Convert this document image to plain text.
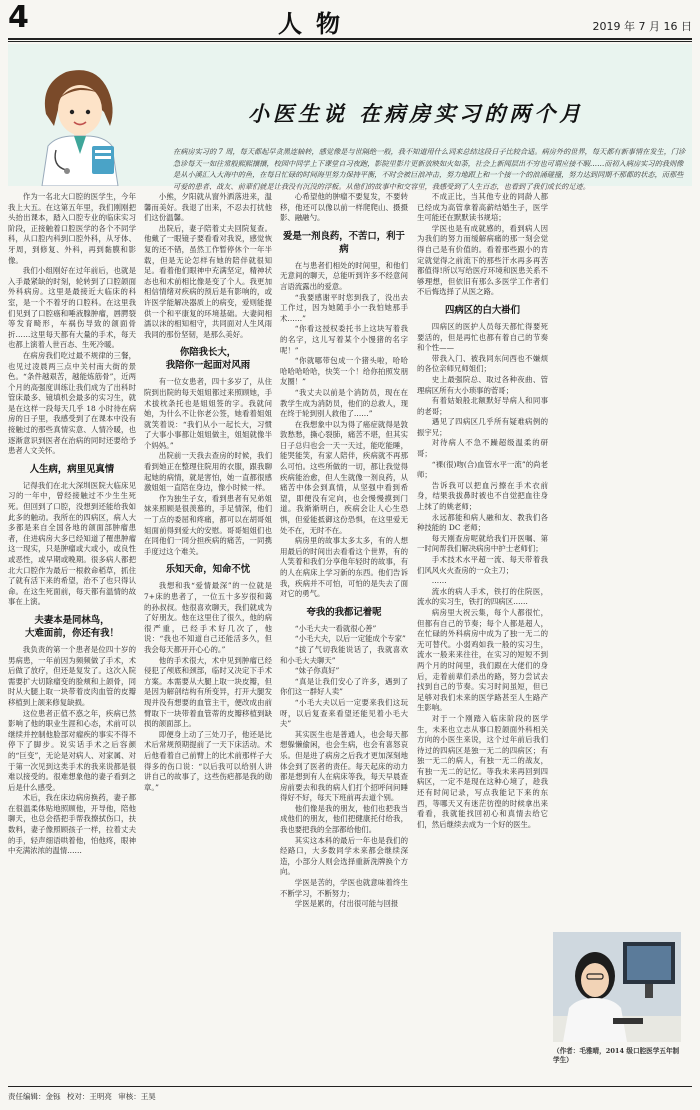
4	人物	2019 年 7 月 16 日
小医生说 在病房实习的两个月

在病房实习的 7 周，每天都起早贪黑连轴转，感觉像是与世隔绝一般，我不知道用什么词来总结这段日子比较合适。病房外的世界，每天都有新事情在发生，门诊急诊每天一如往常般熙熙攘攘，校园中同学上下课堂自习夜跑，影院里影片更新放映如火如荼，社会上新闻层出不穷也可谓应接不暇……而初入病房实习的我则像是从小溪汇入大海中的鱼，在每日忙碌的时间海里努力保持平衡，不时会被巨浪冲击，努力地跟上和一个接一个的浪涌碰撞，努力达到同期不那都的状态，而那些可爱的患者、战友、前辈们就是让我没有沉没的浮板。从他们的故事中和交容里，我感受到了人生百态，也看到了我们成长的足迹。

作为一名北大口腔的医学生，今年我上大五。在这第五年里，我们刚刚把头抬出课本，踏入口腔专业的临床实习阶段，正接触着口腔医学的各个不同学科，从口腔内科到口腔外科，从牙体、牙周，到修复、外科，再到黏膜和影像。

我们小组刚好在过年前后，也就是入手最紧缺的时刻，轮转到了口腔颌面外科病房。这里是最接近大临床的科室，是一个不着牙的口腔科。在这里我们见到了口腔癌和唾液腺肿瘤，唇腭裂等发育畸形，车祸伤导致的颌面骨折……这里每天都有大量的手术，每天也都上演着人世百态、生死冷暖。

在病房我们吃过最不规律的三餐，也见过凌晨两三点中关村南大街的景色。“条件越艰苦，越能炼筋骨”，近两个月的高强度训练让我们成为了出科时管床最多、镜填机会最多的实习生，就是在这样一段每天几乎 18 小时待在病房的日子里，我感受到了在课本中没有接触过的那些真情实意、人情冷暖，也逐渐意识到医者在治病的同时还要给予患者人文关怀。

人生病，病里见真情

记得我们在北大深圳医院大临床见习的一年中，曾经接触过不少生生死死。但回到了口腔，没想到还能给我如此多的触动。我所在的四病区，病人大多都是来自全国各地的颌面部肿瘤患者，住进病房大多已经知道了罹患肿瘤这一现实，只是肿瘤或大或小，或良性或恶性，或早期或晚期。很多病人都把北大口腔作为最后一根救命稻草，抓住了就有活下来的希望，治不了也只得认命。在这生死面前，每天都有温情的故事在上演。

夫妻本是同林鸟，
大难面前，你还有我！

我负责的第一个患者是位四十岁的男病患，一年前因为频频做了手术，术后做了放疗，但还是复发了。这次入院需要扩大切除瘤变的脸颊和上颌骨，同时从大腿上取一块带着皮肉血管的皮瓣移植到上颌来修复缺损。

这位患者正值不惑之年，疾病已然影响了他的职业生涯和心态，术前可以继续并控制他脸部对瘤疾的事实不得不停下了脚步。说实话手术之后容颜的“巨变”，无论是对病人、对家属、对于第一次见到这类手术的我来说都是很难以接受的。很难想象他的妻子看到之后是什么感受。

术后，我在床边病房换药，妻子都在很温柔体贴地照顾他，开导他，陪他聊天，也总会搭把手帮我擦拭伤口，扶数料，妻子像照顾孩子一样，拉着丈夫的手，轻声细语哄着他，怕他疼，眼神中充满浓浓的温情……

小熊，夕阳就从窗外洒落进来，温馨而美好。我退了出来，不忍去打扰他们这份温馨。

出院后，妻子陪着丈夫回院复查。他戴了一眼镜子要看看对我说，感觉恢复的还不错，虽然工作暂停休个一年半载，但是无论怎样有她的陪伴就很知足。看着他们眼神中充满坚定，精神状态也和术前相比像是变了个人。我更加相信情绪对疾病的预后是有影响的，或许医学能解决器质上的病变，爱则能提供一个和平康复的环境基础。大妻间相濡以沫的相知相守，共同面对人生风雨我同的那份坚韧，是那么美好。

你陪我长大，
我陪你一起面对风雨

有一位女患者，四十多岁了，从住院到出院的每天姐姐都过来照顾她，手术拔枕条托也是姐姐签的字。我就问她，为什么不让你老公签，她看着姐姐就笑着说：“我们从小一起长大，习惯了大事小事都让姐姐做主，姐姐就像半个妈妈。”

出院前一天我去查房的时候，我们看到她正在整理住院用的衣服，跟我聊起她的病情，就是害怕，她一直都很感激姐姐一直陪在身边，像小时候一样。

作为独生子女，看到患者有兄弟姐妹来照顾是很羡慕的，手足情深，他们一丁点的委屈和疼痛，都可以在胡哥姐姐面前得到爱大的安慰。哥哥姐姐们也在同他们一同分担疾病的痛苦，一同携手度过这个难关。

乐知天命，知命不忧

我想和我“爱情最深”的一位就是 7+床的患者了，一位五十多岁很和蔼的孙叔叔。他很喜欢聊天，我们就成为了好朋友。他在这里住了很久，他的病很严重，已经手术好几次了，他说：“我也不知道自己还能活多久，但我会每天都开开心心的。”

他的手术很大，术中见到肿瘤已经侵犯了颅底和颈部，临时又决定下手术方案。本需要从大腿上取一块皮瓣，但是因为解剖结构有所变异，打开大腿发现并没有想要的血管主干，便改成由前臂取下一块带着血管蒂的皮瓣移植到缺损的颌面部上。

即便身上动了三处刀子，他还是比术后常规预期提前了一天下床活动。术后他看着自己前臂上的比术前那样子大得多的伤口说：“以后我可以给别人讲讲自己的故事了，这些伤疤都是我的勋章。”

心希望他的肿瘤不要复发，不要转移，他还可以像以前一样爬爬山、摄摄影、融融勺。

爱是一剂良药，不苦口，利于病

在与患者们相处的时间里，和他们无意间的聊天，总能听到许多不经意间言语流露出的爱意。

“我要感谢平时您到我了，没出去工作过，因为她随手小一我怕她那手术……”

“你看这授权委托书上这块写着我的名字，这儿写着某个小馒猪的名字呢！”

“你就哪带包成一个猪头啦，哈哈哈哈哈哈哈，快笑一个！给你拍照发朋友圈！”

“我丈夫以前是个消防员，现在在教学生成为消防员，他们的总救人，现在终于轮到别人救他了……”

在我想象中以为得了癌症就得是敦敦愁愁，撕心裂肺，痛苦不堪，但其实日子总归也会一天一天过，能吃能睡，能哭能笑，有家人陪伴，疾病就不再那么可怕。这些所做的一切，都让我觉得疾病能治愈，但人生就像一剂良药，从痛苦中体会到真情，从坚强中看到希望，即便没有定向，也会慢慢摸到门道。我渐渐明白，疾病会让人心生恐惧，但爱能抵御这份恐惧，在这里爱无处不在，无时不在。

病房里的故事太多太多，有的人想用最后的时间出去看看这个世界，有的人笑着和我们分享他年轻时的故事，有的人在病床上学习新的东西。他们告诉我，疾病并不可怕，可怕的是失去了面对它的勇气。

夸我的我都记着呢

“小毛大夫一看就很心善”

“小毛大夫，以后一定能成个专家”

“拔了气切我能说话了，我就喜欢和小毛大夫聊天”

“妹子你真好”

“真是让我们安心了许多，遇到了你们这一群好人卖”

“小毛大夫以后一定要来我们这玩呀，以后复查来看望还能见着小毛大夫”

其实医生也是普通人，也会每天都想躲懒偷闲，也会生病，也会有喜怒哀乐。但是进了病房之后我才更加深刻地体会到了医者的责任。每天起床的动力都是想到有人在病床等我，每天早晨查房前要去和我的病人们打个招呼问问睡得好不好，每天下班前再去道个别。

他们像是我的朋友，他们也把我当成他们的朋友，他们把健康托付给我，我也要把我的全部都给他们。

其实这本科的最后一年也是我们的经路口，大多数同学未来都会继续深造，小部分人则会选择重新洗牌换个方向。

学医是苦的，学医也就意味着终生不断学习，不断努力；

学医是累的，付出很可能与回报

不成正比，当其他专业的同龄人都已经成为高管拿着高薪结婚生子，医学生可能还在默默读书规培；

学医也是有成就感的，看到病人因为我们的努力而缓解病痛的那一刻会觉得自己是有价值的。看着那些跟小的肯定就觉得之前流下的那些汗水再多再苦都值得!所以写给医疗环境和医患关系不够理想，但依旧有那么多医学工作者们不后悔选择了从医之路。

四病区的白大褂们

四病区的医护人员每天都忙得要死要活的，但是再忙也都有着自己的节奏和个性——

带我入门、被我同东问西也不嫌烦的各位亲师兄师姐们；

史上最强院总、取过各种夜曲、管理病区所有大小琐事的菅哥；

有着姑娘般北额默好导病人和同事的老哥；

遇见了四病区几乎所有疑难病例的振宇兄；

对待病人不急不躁超级温柔的研哥；

“裸(很)吻(合)血管水平一流”的尚老师；

告诉我可以把血污擦在手术衣前身，结果我拔鼻时被也不自觉把血往身上抹了的姚老师；

永远都能和病人融和友、教我们各种技能的 DC 老师；

每天刚查房呢就给我们开医嘱、第一时间帮我们解决病房中护士老师们；

手术技术水平超一流、每天带着我们风风火火查房的一众主刀；

……

流水的病人手术，铁打的住院医，流水的实习生，铁打的四病区……

病房里大祝云集，每个人都很忙，但都有自己的节奏；每个人都是超人，在忙碌的外科病房中成为了独一无二的无可替代。小弱鸡如我一般的实习生，流水一般来来往往，在实习的短短不到两个月的时间里，我们跟在大佬们的身后，走着前辈们杀出的路，努力尝试去找到自己的节奏。实习时间虽短，但已足够对我们未来的医学路甚至人生路产生影响。

对于一个刚踏入临床阶段的医学生，未来也立志从事口腔颌面外科相关方向的小医生来说，这个过年前后我们待过的四病区是独一无二的四病区；有独一无二的病人，有独一无二的战友，有独一无二的记忆。等我未来再回到四病区，一定不是现在这种心境了，趁我还有时间记录，写点我能记下来的东西，等哪天又有迷茫彷徨的时候拿出来看看，我就能找回初心和真情去给它们，然后继续去成为一个好的医生。

（作者：毛雅晴，2014 级口腔医学五年制学生）
责任编辑：金铄 校对：王明亮 审核：王昊
